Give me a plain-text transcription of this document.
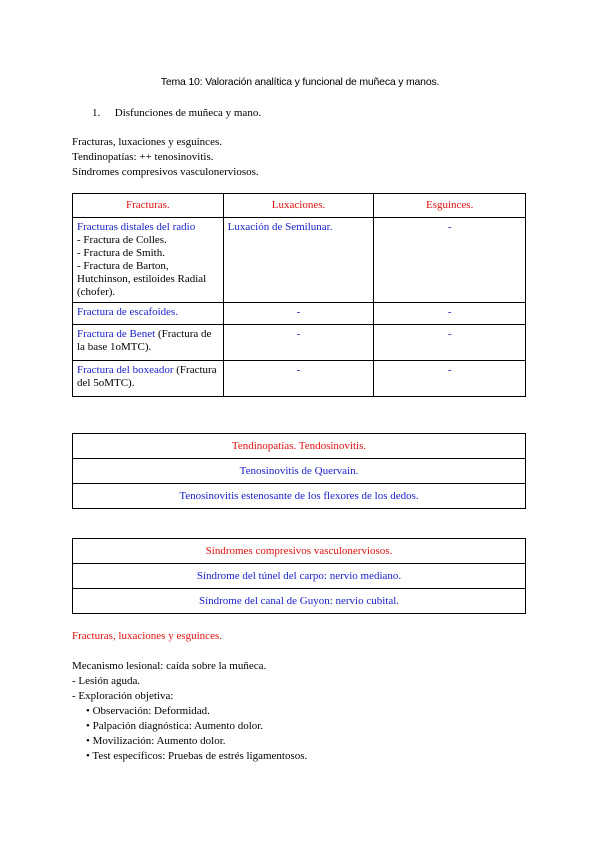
Tema 10: Valoración analítica y funcional de muñeca y manos.
1. Disfunciones de muñeca y mano.
Fracturas, luxaciones y esguinces.
Tendinopatías: ++ tenosinovitis.
Síndromes compresivos vasculonerviosos.
Fracturas.	Luxaciones.	Esguinces.

Fracturas distales del radio
- Fractura de Colles.
- Fractura de Smith.
- Fractura de Barton, Hutchinson, estiloides Radial (chofer).	Luxación de Semilunar.	-
Fractura de escafoides.	-	-
Fractura de Benet (Fractura de la base 1oMTC).	-	-
Fractura del boxeador (Fractura del 5oMTC).	-	-
Tendinopatías. Tendosinovitis.
Tenosinovitis de Quervain.
Tenosinovitis estenosante de los flexores de los dedos.
Síndromes compresivos vasculonerviosos.
Síndrome del túnel del carpo: nervio mediano.
Síndrome del canal de Guyon: nervio cubital.
Fracturas, luxaciones y esguinces.
Mecanismo lesional: caída sobre la muñeca.
- Lesión aguda.
- Exploración objetiva:
• Observación: Deformidad.
• Palpación diagnóstica: Aumento dolor.
• Movilización: Aumento dolor.
• Test específicos: Pruebas de estrés ligamentosos.
